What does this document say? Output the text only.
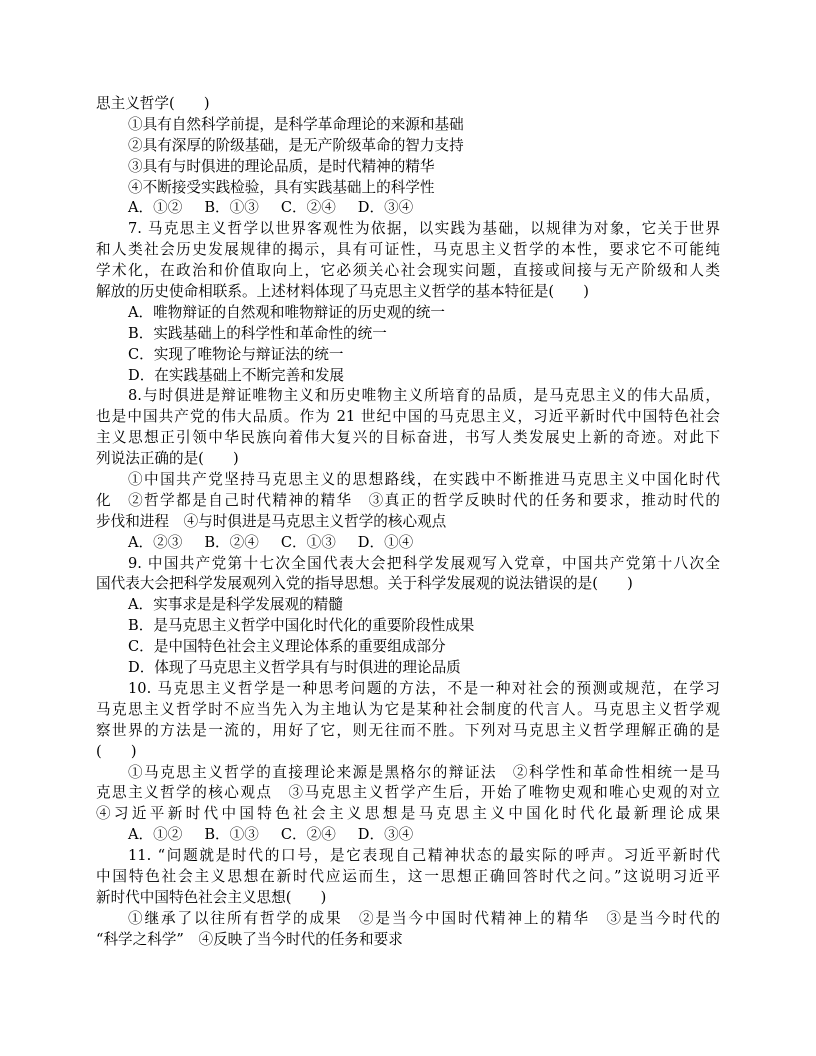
思主义哲学(　　)
①具有自然科学前提，是科学革命理论的来源和基础
②具有深厚的阶级基础，是无产阶级革命的智力支持
③具有与时俱进的理论品质，是时代精神的精华
④不断接受实践检验，具有实践基础上的科学性
A．①② B．①③ C．②④ D．③④
7. 马克思主义哲学以世界客观性为依据，以实践为基础，以规律为对象，它关于世界
和人类社会历史发展规律的揭示，具有可证性，马克思主义哲学的本性，要求它不可能纯
学术化，在政治和价值取向上，它必须关心社会现实问题，直接或间接与无产阶级和人类
解放的历史使命相联系。上述材料体现了马克思主义哲学的基本特征是(　　)
A．唯物辩证的自然观和唯物辩证的历史观的统一
B．实践基础上的科学性和革命性的统一
C．实现了唯物论与辩证法的统一
D．在实践基础上不断完善和发展
8.与时俱进是辩证唯物主义和历史唯物主义所培育的品质，是马克思主义的伟大品质，
也是中国共产党的伟大品质。作为 21 世纪中国的马克思主义，习近平新时代中国特色社会
主义思想正引领中华民族向着伟大复兴的目标奋进，书写人类发展史上新的奇迹。对此下
列说法正确的是(　　)
①中国共产党坚持马克思主义的思想路线，在实践中不断推进马克思主义中国化时代
化　②哲学都是自己时代精神的精华　③真正的哲学反映时代的任务和要求，推动时代的
步伐和进程　④与时俱进是马克思主义哲学的核心观点
A．②③ B．②④ C．①③ D．①④
9. 中国共产党第十七次全国代表大会把科学发展观写入党章，中国共产党第十八次全
国代表大会把科学发展观列入党的指导思想。关于科学发展观的说法错误的是(　　)
A．实事求是是科学发展观的精髓
B．是马克思主义哲学中国化时代化的重要阶段性成果
C．是中国特色社会主义理论体系的重要组成部分
D．体现了马克思主义哲学具有与时俱进的理论品质
10. 马克思主义哲学是一种思考问题的方法，不是一种对社会的预测或规范，在学习
马克思主义哲学时不应当先入为主地认为它是某种社会制度的代言人。马克思主义哲学观
察世界的方法是一流的，用好了它，则无往而不胜。下列对马克思主义哲学理解正确的是
(　　)
①马克思主义哲学的直接理论来源是黑格尔的辩证法　②科学性和革命性相统一是马
克思主义哲学的核心观点　③马克思主义哲学产生后，开始了唯物史观和唯心史观的对立
④习近平新时代中国特色社会主义思想是马克思主义中国化时代化最新理论成果
A．①② B．①③ C．②④ D．③④
11. “问题就是时代的口号，是它表现自己精神状态的最实际的呼声。习近平新时代
中国特色社会主义思想在新时代应运而生，这一思想正确回答时代之问。”这说明习近平
新时代中国特色社会主义思想(　　)
①继承了以往所有哲学的成果　②是当今中国时代精神上的精华　③是当今时代的
“科学之科学”　④反映了当今时代的任务和要求
